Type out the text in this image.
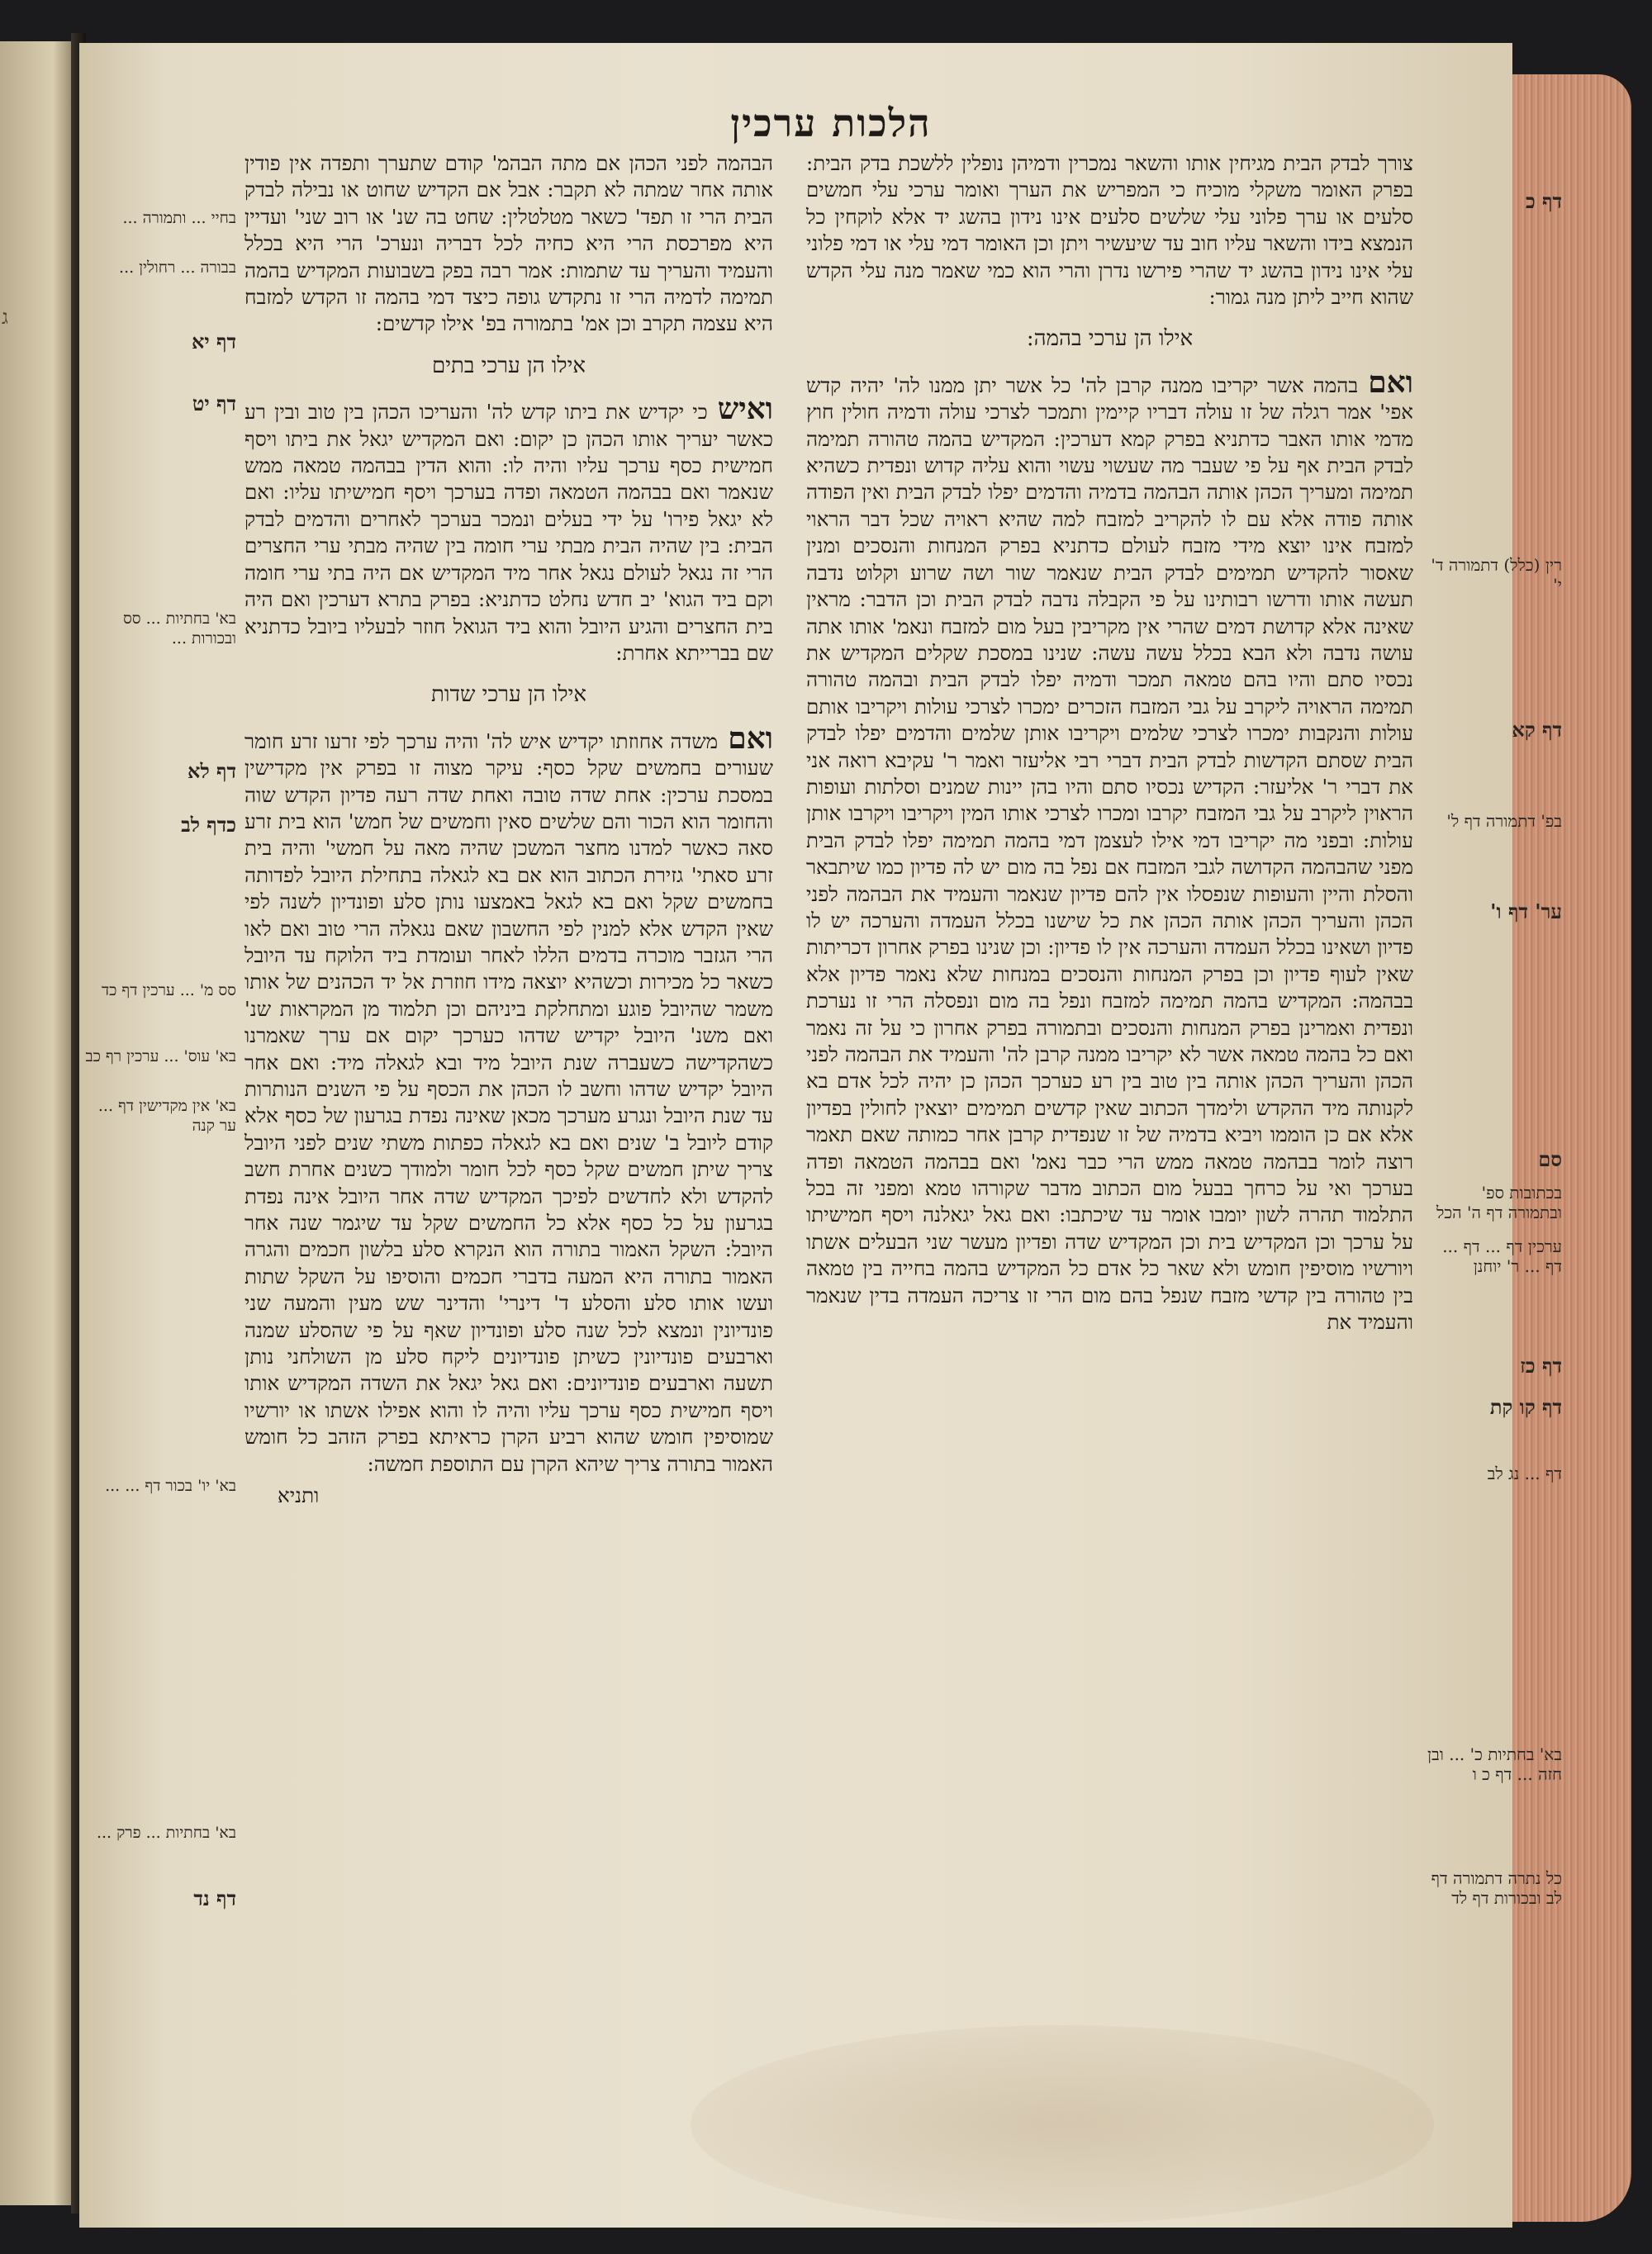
ג
הלכות ערכין

צורך לבדק הבית מגיחין אותו והשאר נמכרין ודמיהן נופלין ללשכת בדק הבית: בפרק האומר משקלי מוכיח כי המפריש את הערך ואומר ערכי עלי חמשים סלעים או ערך פלוני עלי שלשים סלעים אינו נידון בהשג יד אלא לוקחין כל הנמצא בידו והשאר עליו חוב עד שיעשיר ויתן וכן האומר דמי עלי או דמי פלוני עלי אינו נידון בהשג יד שהרי פירשו נדרן והרי הוא כמי שאמר מנה עלי הקדש שהוא חייב ליתן מנה גמור:

אילו הן ערכי בהמה:

ואםבהמה אשר יקריבו ממנה קרבן לה' כל אשר יתן ממנו לה' יהיה קדש אפי' אמר רגלה של זו עולה דבריו קיימין ותמכר לצרכי עולה ודמיה חולין חוץ מדמי אותו האבר כדתניא בפרק קמא דערכין: המקדיש בהמה טהורה תמימה לבדק הבית אף על פי שעבר מה שעשוי עשוי והוא עליה קדוש ונפדית כשהיא תמימה ומעריך הכהן אותה הבהמה בדמיה והדמים יפלו לבדק הבית ואין הפודה אותה פודה אלא עם לו להקריב למזבח למה שהיא ראויה שכל דבר הראוי למזבח אינו יוצא מידי מזבח לעולם כדתניא בפרק המנחות והנסכים ומנין שאסור להקדיש תמימים לבדק הבית שנאמר שור ושה שרוע וקלוט נדבה תעשה אותו ודרשו רבותינו על פי הקבלה נדבה לבדק הבית וכן הדבר: מראין שאינה אלא קדושת דמים שהרי אין מקריבין בעל מום למזבח ונאמ' אותו אתה עושה נדבה ולא הבא בכלל עשה עשה: שנינו במסכת שקלים המקדיש את נכסיו סתם והיו בהם טמאה תמכר ודמיה יפלו לבדק הבית ובהמה טהורה תמימה הראויה ליקרב על גבי המזבח הזכרים ימכרו לצרכי עולות ויקריבו אותם עולות והנקבות ימכרו לצרכי שלמים ויקריבו אותן שלמים והדמים יפלו לבדק הבית שסתם הקדשות לבדק הבית דברי רבי אליעזר ואמר ר' עקיבא רואה אני את דברי ר' אליעזר: הקדיש נכסיו סתם והיו בהן יינות שמנים וסלתות ועופות הראוין ליקרב על גבי המזבח יקרבו ומכרו לצרכי אותו המין ויקריבו ויקרבו אותן עולות: ובפני מה יקריבו דמי אילו לעצמן דמי בהמה תמימה יפלו לבדק הבית מפני שהבהמה הקדושה לגבי המזבח אם נפל בה מום יש לה פדיון כמו שיתבאר והסלת והיין והעופות שנפסלו אין להם פדיון שנאמר והעמיד את הבהמה לפני הכהן והעריך הכהן אותה הכהן את כל שישנו בכלל העמדה והערכה יש לו פדיון ושאינו בכלל העמדה והערכה אין לו פדיון: וכן שנינו בפרק אחרון דכריתות שאין לעוף פדיון וכן בפרק המנחות והנסכים במנחות שלא נאמר פדיון אלא בבהמה: המקדיש בהמה תמימה למזבח ונפל בה מום ונפסלה הרי זו נערכת ונפדית ואמרינן בפרק המנחות והנסכים ובתמורה בפרק אחרון כי על זה נאמר ואם כל בהמה טמאה אשר לא יקריבו ממנה קרבן לה' והעמיד את הבהמה לפני הכהן והעריך הכהן אותה בין טוב בין רע כערכך הכהן כן יהיה לכל אדם בא לקנותה מיד ההקדש ולימדך הכתוב שאין קדשים תמימים יוצאין לחולין בפדיון אלא אם כן הוממו ויביא בדמיה של זו שנפדית קרבן אחר כמותה שאם תאמר רוצה לומר בבהמה טמאה ממש הרי כבר נאמ' ואם בבהמה הטמאה ופדה בערכך ואי על כרחך בבעל מום הכתוב מדבר שקורהו טמא ומפני זה בכל התלמוד תהרה לשון יומבו אומר עד שיכתבו: ואם גאל יגאלנה ויסף חמישיתו על ערכך וכן המקדיש בית וכן המקדיש שדה ופדיון מעשר שני הבעלים אשתו ויורשיו מוסיפין חומש ולא שאר כל אדם כל המקדיש בהמה בחייה בין טמאה בין טהורה בין קדשי מזבח שנפל בהם מום הרי זו צריכה העמדה בדין שנאמר והעמיד את

הבהמה לפני הכהן אם מתה הבהמ' קודם שתערך ותפדה אין פודין אותה אחר שמתה לא תקבר: אבל אם הקדיש שחוט או נבילה לבדק הבית הרי זו תפד' כשאר מטלטלין: שחט בה שנ' או רוב שני' ועדיין היא מפרכסת הרי היא כחיה לכל דבריה ונערכ' הרי היא בכלל והעמיד והעריך עד שתמות: אמר רבה בפק בשבועות המקדיש בהמה תמימה לדמיה הרי זו נתקדש גופה כיצד דמי בהמה זו הקדש למזבח היא עצמה תקרב וכן אמ' בתמורה בפ' אילו קדשים:

אילו הן ערכי בתים

ואישכי יקדיש את ביתו קדש לה' והעריכו הכהן בין טוב ובין רע כאשר יעריך אותו הכהן כן יקום: ואם המקדיש יגאל את ביתו ויסף חמישית כסף ערכך עליו והיה לו: והוא הדין בבהמה טמאה ממש שנאמר ואם בבהמה הטמאה ופדה בערכך ויסף חמישיתו עליו: ואם לא יגאל פירו' על ידי בעלים ונמכר בערכך לאחרים והדמים לבדק הבית: בין שהיה הבית מבתי ערי חומה בין שהיה מבתי ערי החצרים הרי זה נגאל לעולם נגאל אחר מיד המקדיש אם היה בתי ערי חומה וקם ביד הגוא' יב חדש נחלט כדתניא: בפרק בתרא דערכין ואם היה בית החצרים והגיע היובל והוא ביד הגואל חוזר לבעליו ביובל כדתניא שם בברייתא אחרת:

אילו הן ערכי שדות

ואםמשדה אחוזתו יקדיש איש לה' והיה ערכך לפי זרעו זרע חומר שעורים בחמשים שקל כסף: עיקר מצוה זו בפרק אין מקדישין במסכת ערכין: אחת שדה טובה ואחת שדה רעה פדיון הקדש שוה והחומר הוא הכור והם שלשים סאין וחמשים של חמש' הוא בית זרע סאה כאשר למדנו מחצר המשכן שהיה מאה על חמשי' והיה בית זרע סאתי' גזירת הכתוב הוא אם בא לגאלה בתחילת היובל לפדותה בחמשים שקל ואם בא לגאל באמצעו נותן סלע ופונדיון לשנה לפי שאין הקדש אלא למנין לפי החשבון שאם נגאלה הרי טוב ואם לאו הרי הגזבר מוכרה בדמים הללו לאחר ועומדת ביד הלוקח עד היובל כשאר כל מכירות וכשהיא יוצאה מידו חוזרת אל יד הכהנים של אותו משמר שהיובל פוגע ומתחלקת ביניהם וכן תלמוד מן המקראות שנ' ואם משנ' היובל יקדיש שדהו כערכך יקום אם ערך שאמרנו כשהקדישה כשעברה שנת היובל מיד ובא לגאלה מיד: ואם אחר היובל יקדיש שדהו וחשב לו הכהן את הכסף על פי השנים הנותרות עד שנת היובל ונגרע מערכך מכאן שאינה נפדת בגרעון של כסף אלא קודם ליובל ב' שנים ואם בא לגאלה כפתות משתי שנים לפני היובל צריך שיתן חמשים שקל כסף לכל חומר ולמודך כשנים אחרת חשב להקדש ולא לחדשים לפיכך המקדיש שדה אחר היובל אינה נפדת בגרעון על כל כסף אלא כל החמשים שקל עד שיגמר שנה אחר היובל: השקל האמור בתורה הוא הנקרא סלע בלשון חכמים והגרה האמור בתורה היא המעה בדברי חכמים והוסיפו על השקל שתות ועשו אותו סלע והסלע ד' דינרי' והדינר שש מעין והמעה שני פונדיונין ונמצא לכל שנה סלע ופונדיון שאף על פי שהסלע שמנה וארבעים פונדיונין כשיתן פונדיונים ליקח סלע מן השולחני נותן תשעה וארבעים פונדיונים: ואם גאל יגאל את השדה המקדיש אותו ויסף חמישית כסף ערכך עליו והיה לו והוא אפילו אשתו או יורשיו שמוסיפין חומש שהוא רביע הקרן כראיתא בפרק הזהב כל חומש האמור בתורה צריך שיהא הקרן עם התוספת חמשה:

ותניא
דף כ
רין (כלל) דתמורה ד' י'
דף קא
בפ' דתמורה דף ל'
ער' דף ו'
סם
בכתובות ספ' ובתמורה דף ה' הכל
ערכין דף ... דף ... דף ... ר' יוחנן
דף כז
דף קו קת
דף ... נג לב
בא' בחתיות כ' ... ובן חזה ... דף כ ו
כל נתרה דתמורה דף לב ובכורות דף לד
בחיי ... ותמורה ...
בבורה ... רחולין ...
דף יא
דף יט
בא' בחתיות ... סס ובכורות ...
דף לא
כדף לב
סס מ' ... ערכין דף כד
בא' עוס' ... ערכין רף כב
בא' אין מקדישין דף ... ער קנה
בא' יו' בכור דף ... ...
בא' בחתיות ... פרק ...
דף נד
